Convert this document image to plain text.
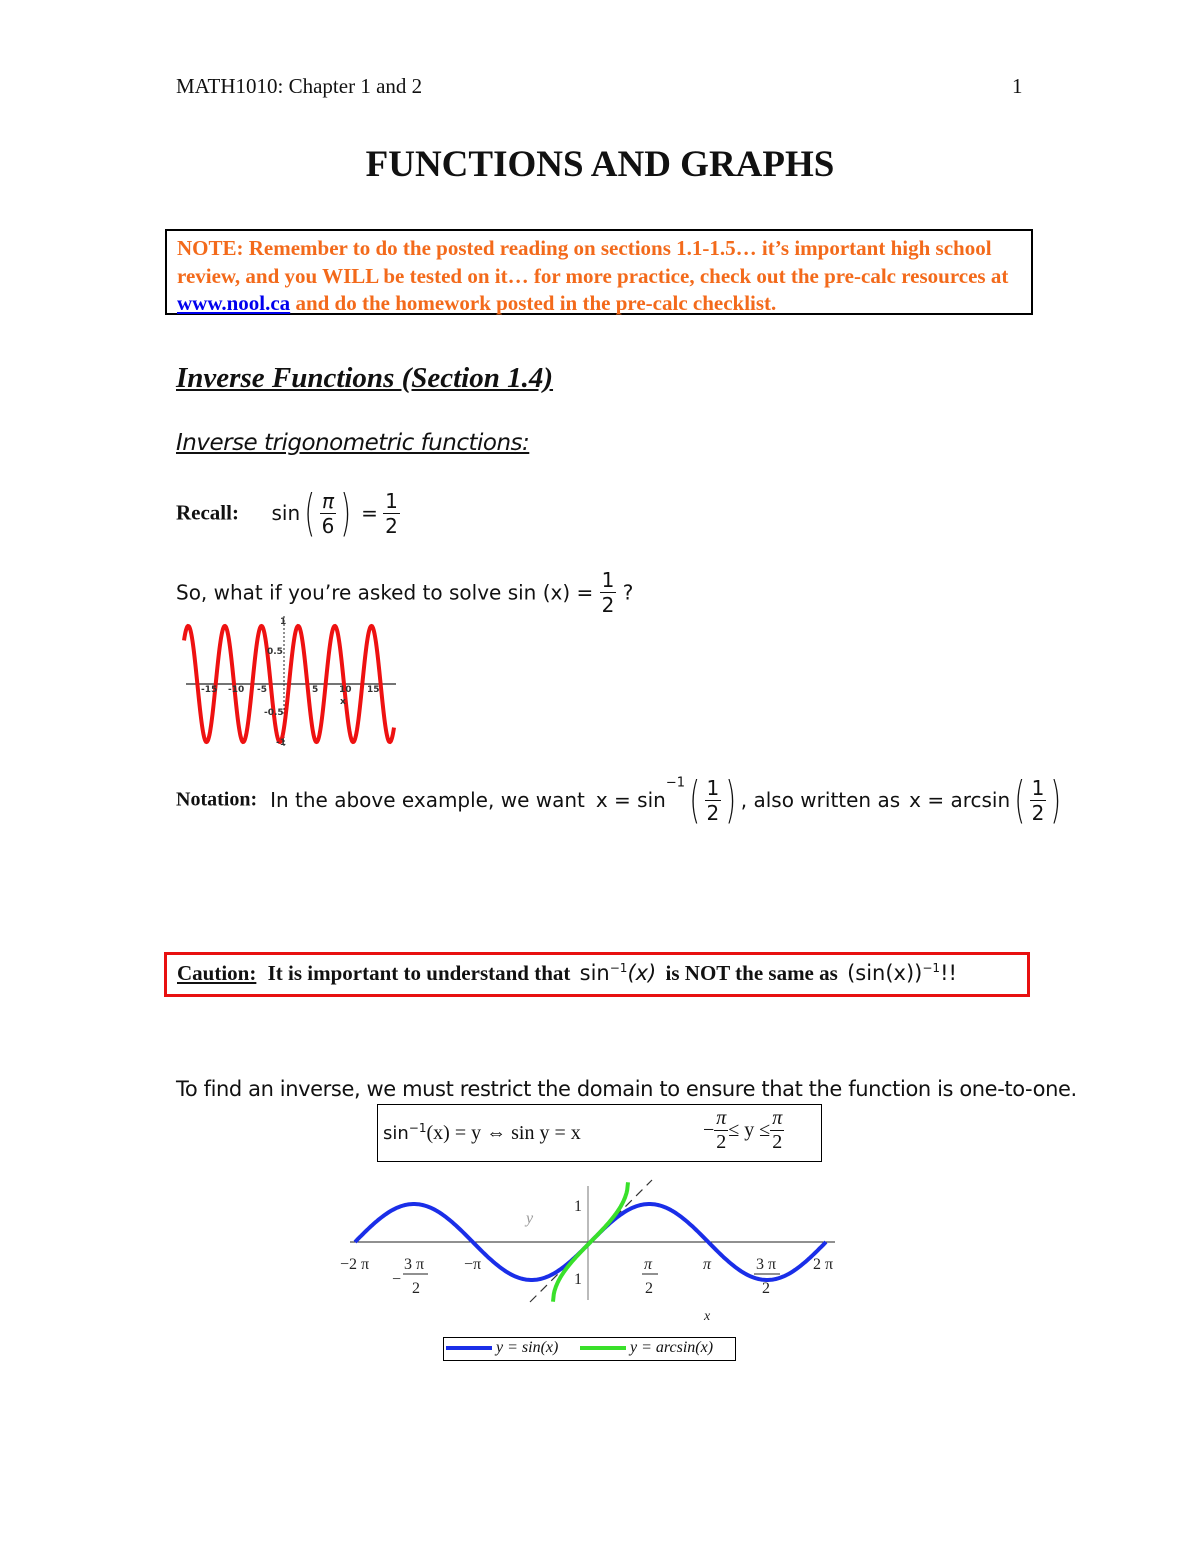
MATH1010: Chapter 1 and 2	1
FUNCTIONS AND GRAPHS
NOTE: Remember to do the posted reading on sections 1.1-1.5… it’s important high school review, and you WILL be tested on it… for more practice, check out the pre-calc resources at www.nool.ca and do the homework posted in the pre-calc checklist.
Inverse Functions (Section 1.4)
Inverse trigonometric functions:
Recall: $\sin( \frac{\pi}{6}$ ) = $\frac{1}{2}$
So, what if you’re asked to solve $\sin (x) = \frac{1}{2}$ ?
-15 -10 -5	5 10 15
x
1
0.5
-0.5
-1
Notation: In the above example, we want $x = \sin^{-1}( \frac{1}{2}$ ) , also written as $x = \arcsin( \frac{1}{2}$ )
Caution: It is important to understand that $\sin^{-1}(x)$ is NOT the same as $(\sin(x))^{-1}$!!
To find an inverse, we must restrict the domain to ensure that the function is one-to-one.
$\sin^{-1}(x) = y$ ⇔ sin y = x	− $\frac{\pi}{2} \le y \le \frac{\pi}{2}$
1
1
y
x
−2 π
−
3 π
2
−π	π
2
π	3 π
2
2 π
y = sin(x)	y = arcsin(x)
